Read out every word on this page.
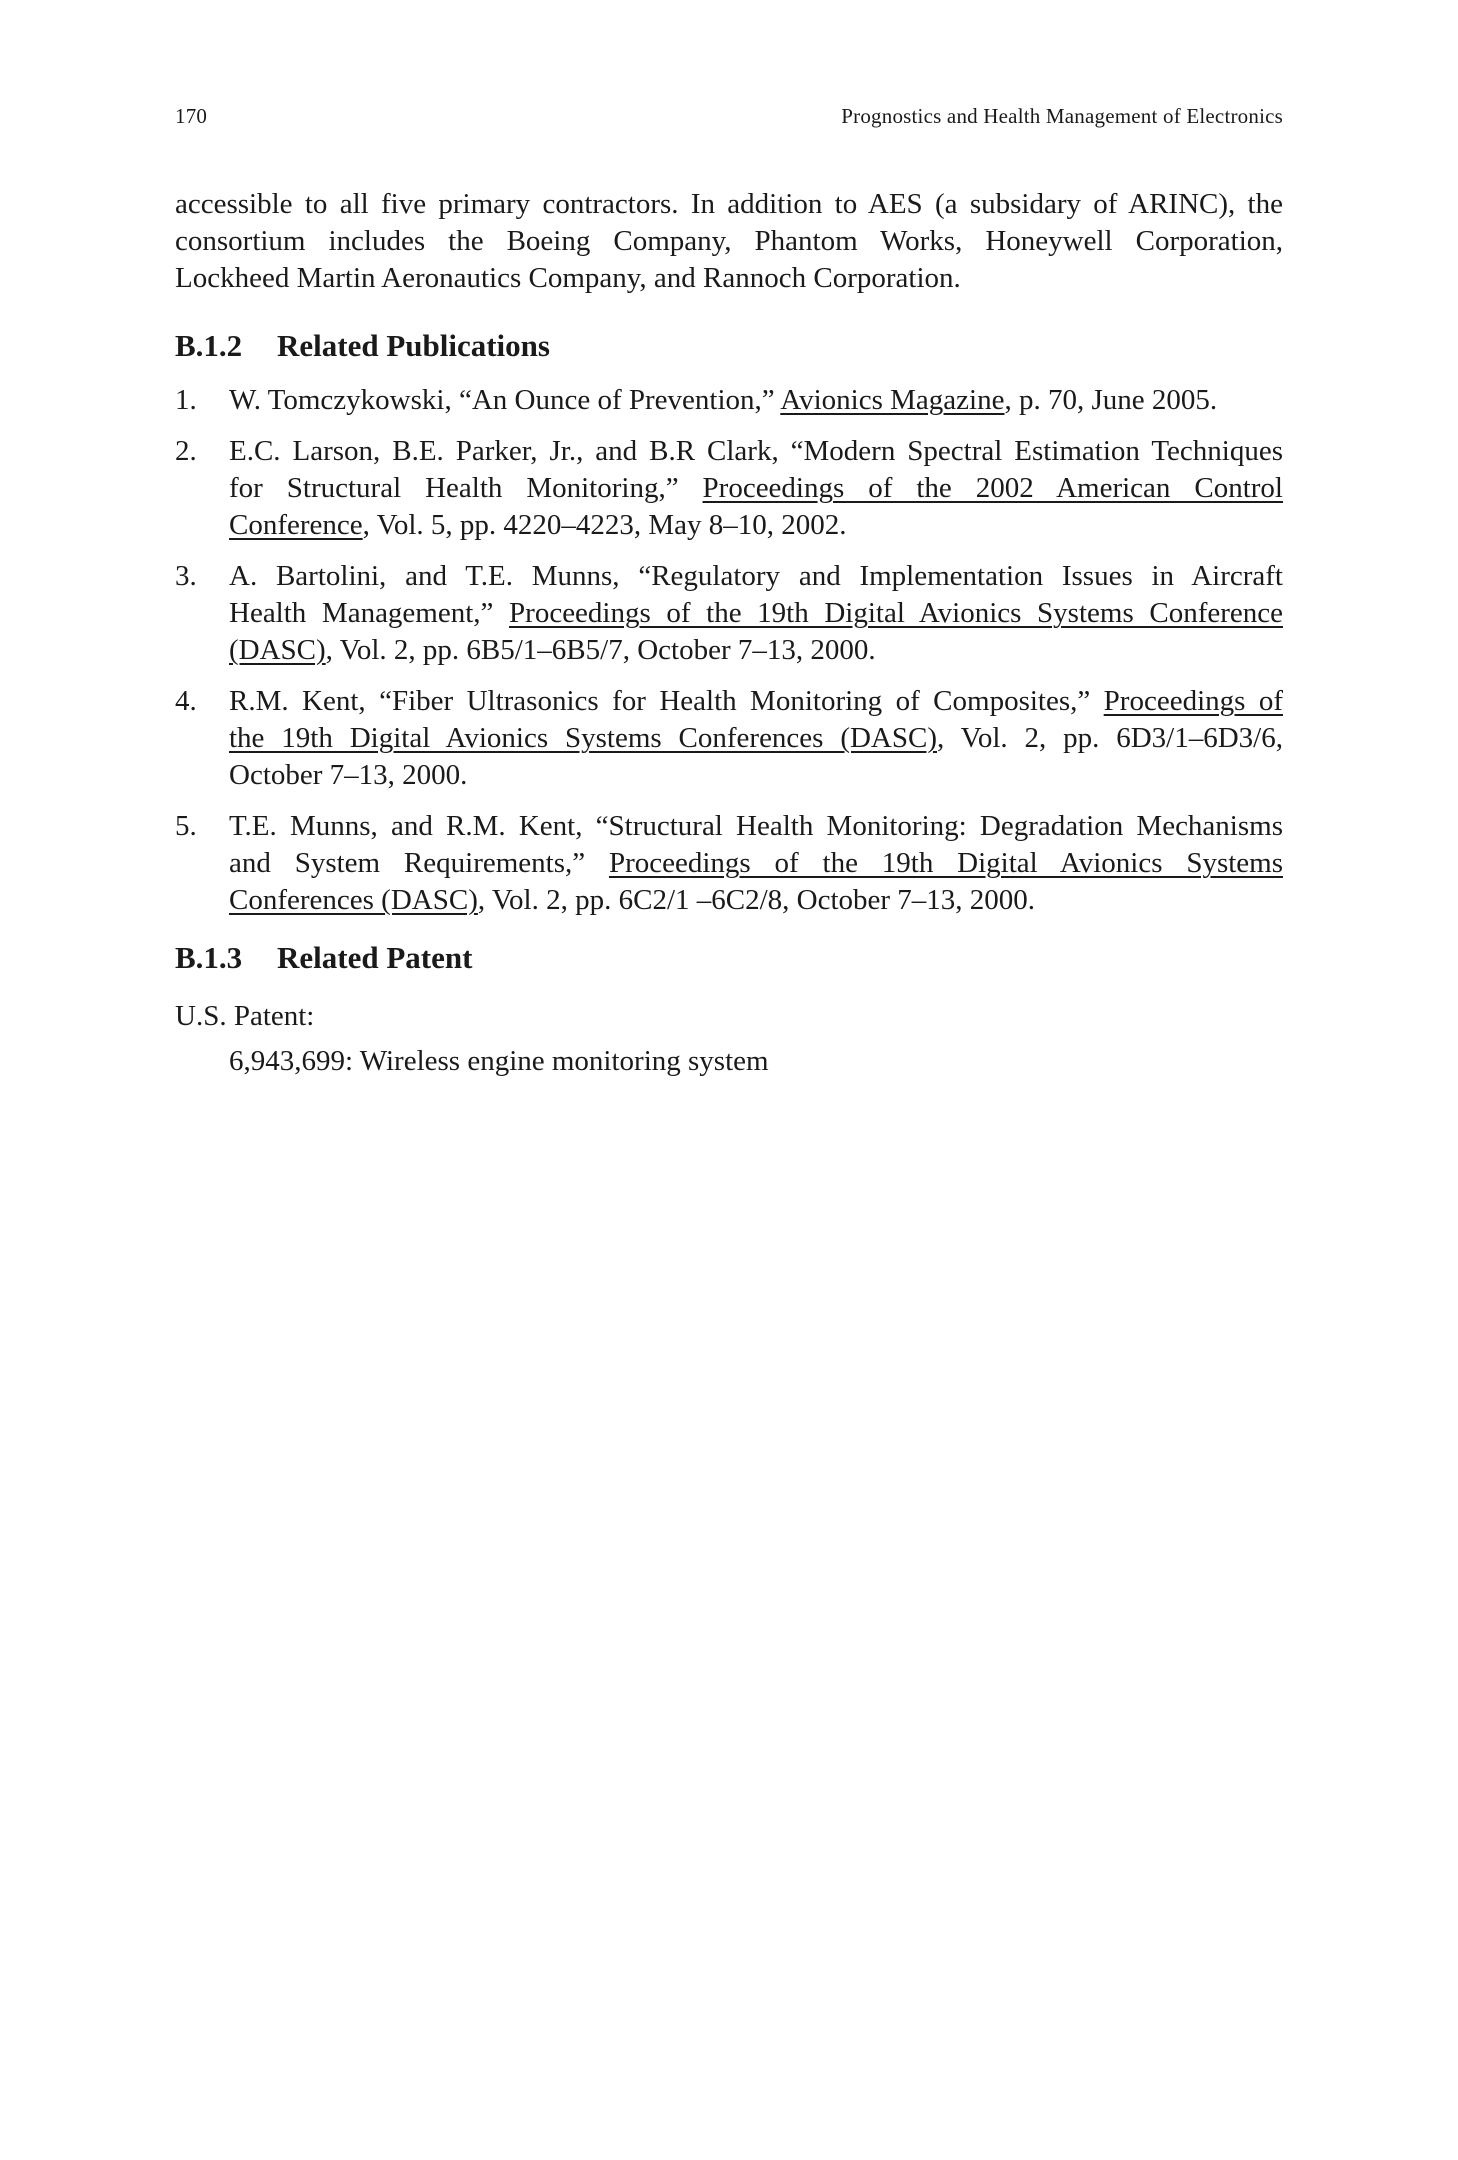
170	Prognostics and Health Management of Electronics

accessible to all five primary contractors. In addition to AES (a subsidary of ARINC), the
consortium includes the Boeing Company, Phantom Works, Honeywell Corporation,
Lockheed Martin Aeronautics Company, and Rannoch Corporation.

B.1.2 Related Publications
1. W. Tomczykowski, “An Ounce of Prevention,” Avionics Magazine, p. 70, June 2005.
2. E.C. Larson, B.E. Parker, Jr., and B.R Clark, “Modern Spectral Estimation Techniques
for Structural Health Monitoring,” Proceedings of the 2002 American Control
Conference, Vol. 5, pp. 4220–4223, May 8–10, 2002.
3. A. Bartolini, and T.E. Munns, “Regulatory and Implementation Issues in Aircraft
Health Management,” Proceedings of the 19th Digital Avionics Systems Conference
(DASC), Vol. 2, pp. 6B5/1–6B5/7, October 7–13, 2000.
4. R.M. Kent, “Fiber Ultrasonics for Health Monitoring of Composites,” Proceedings of
the 19th Digital Avionics Systems Conferences (DASC), Vol. 2, pp. 6D3/1–6D3/6,
October 7–13, 2000.
5. T.E. Munns, and R.M. Kent, “Structural Health Monitoring: Degradation Mechanisms
and System Requirements,” Proceedings of the 19th Digital Avionics Systems
Conferences (DASC), Vol. 2, pp. 6C2/1 –6C2/8, October 7–13, 2000.
B.1.3 Related Patent
U.S. Patent:
6,943,699: Wireless engine monitoring system
